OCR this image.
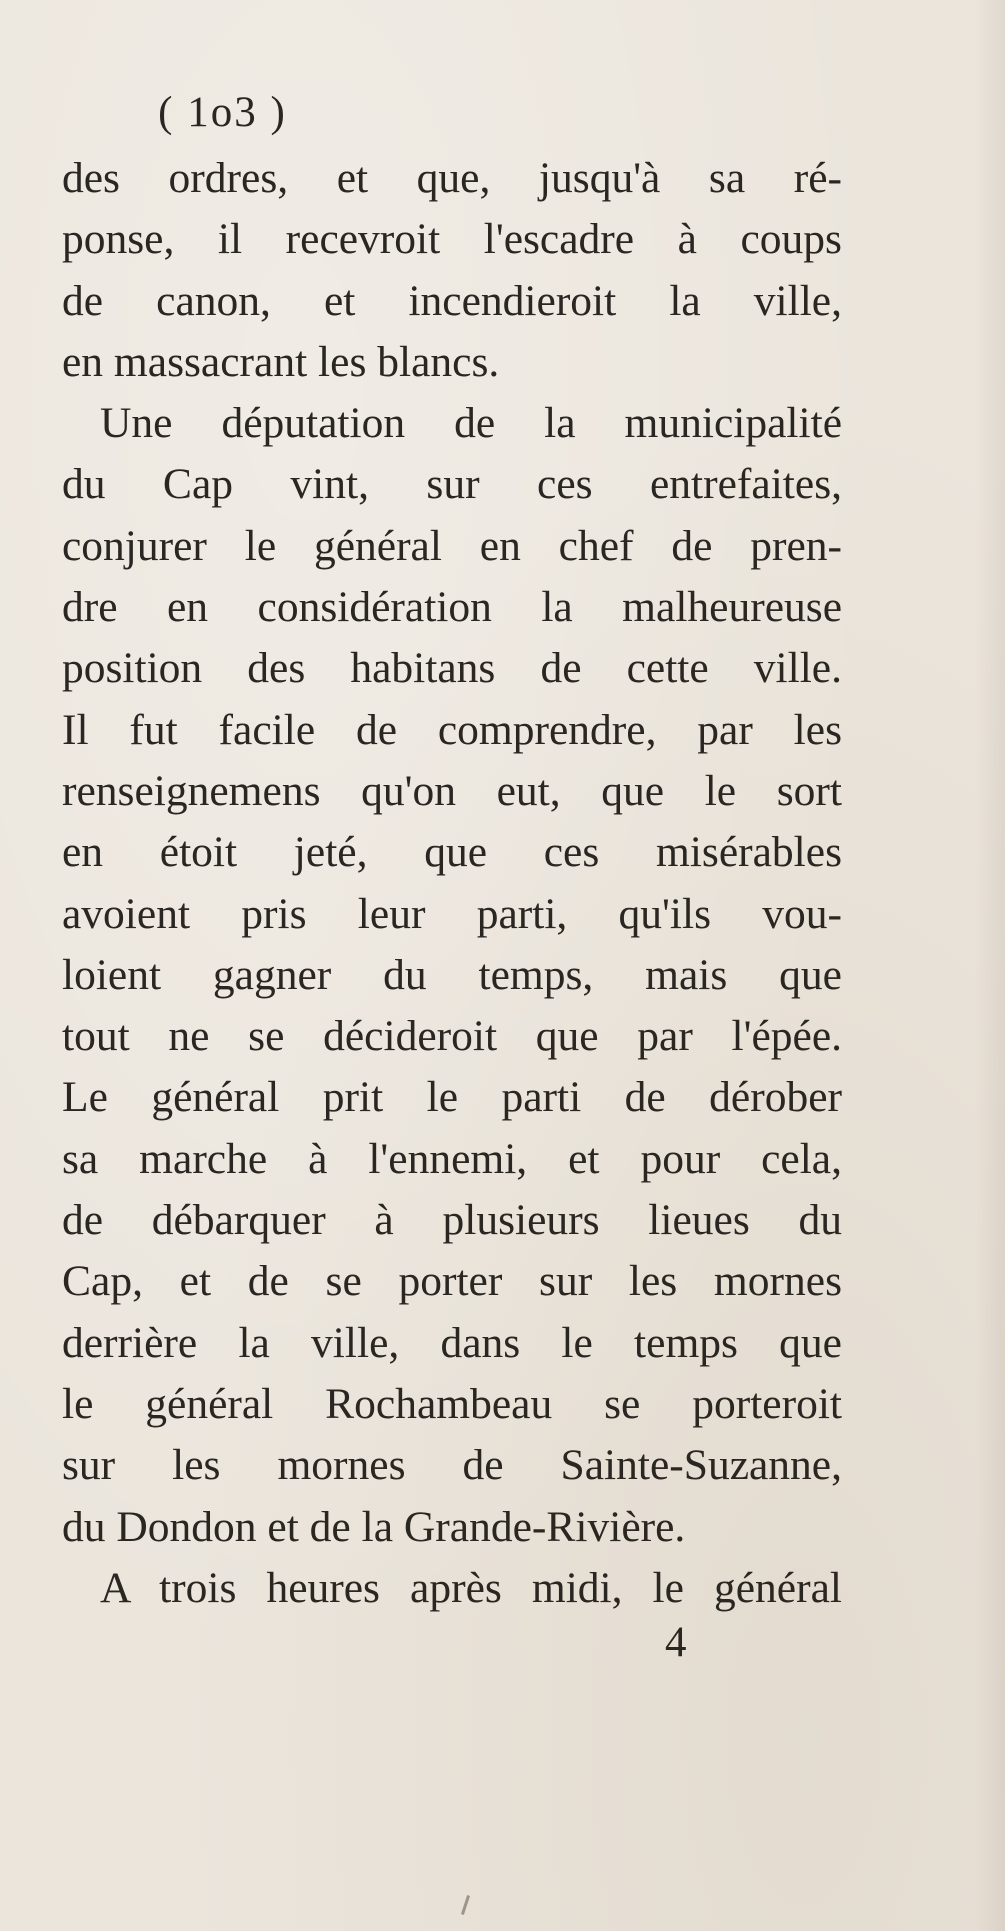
( 1o3 )
des ordres, et que, jusqu'à sa ré-
ponse, il recevroit l'escadre à coups
de canon, et incendieroit la ville,
en massacrant les blancs.
Une députation de la municipalité
du Cap vint, sur ces entrefaites,
conjurer le général en chef de pren-
dre en considération la malheureuse
position des habitans de cette ville.
Il fut facile de comprendre, par les
renseignemens qu'on eut, que le sort
en étoit jeté, que ces misérables
avoient pris leur parti, qu'ils vou-
loient gagner du temps, mais que
tout ne se décideroit que par l'épée.
Le général prit le parti de dérober
sa marche à l'ennemi, et pour cela,
de débarquer à plusieurs lieues du
Cap, et de se porter sur les mornes
derrière la ville, dans le temps que
le général Rochambeau se porteroit
sur les mornes de Sainte-Suzanne,
du Dondon et de la Grande-Rivière.
A trois heures après midi, le général
4
